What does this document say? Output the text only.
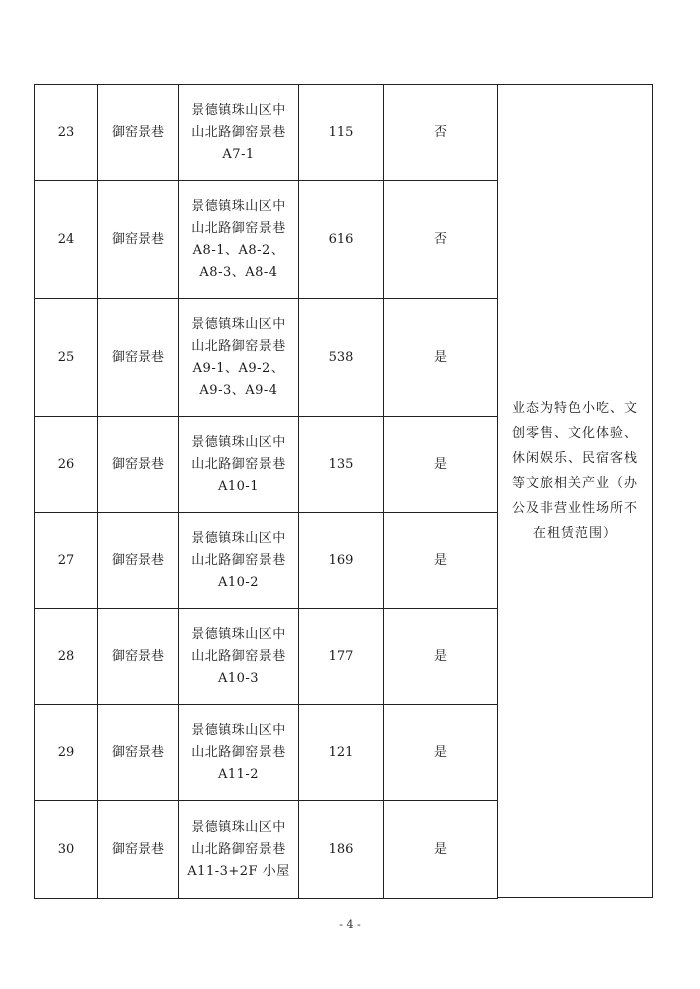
23	御窑景巷	景德镇珠山区中
山北路御窑景巷
A7-1	115	否
24	御窑景巷	景德镇珠山区中
山北路御窑景巷
A8-1、A8-2、
A8-3、A8-4	616	否
25	御窑景巷	景德镇珠山区中
山北路御窑景巷
A9-1、A9-2、
A9-3、A9-4	538	是
26	御窑景巷	景德镇珠山区中
山北路御窑景巷
A10-1	135	是
27	御窑景巷	景德镇珠山区中
山北路御窑景巷
A10-2	169	是
28	御窑景巷	景德镇珠山区中
山北路御窑景巷
A10-3	177	是
29	御窑景巷	景德镇珠山区中
山北路御窑景巷
A11-2	121	是
30	御窑景巷	景德镇珠山区中
山北路御窑景巷
A11-3+2F 小屋	186	是
业态为特色小吃、文创零售、文化体验、休闲娱乐、民宿客栈等文旅相关产业（办公及非营业性场所不在租赁范围）
- 4 -
